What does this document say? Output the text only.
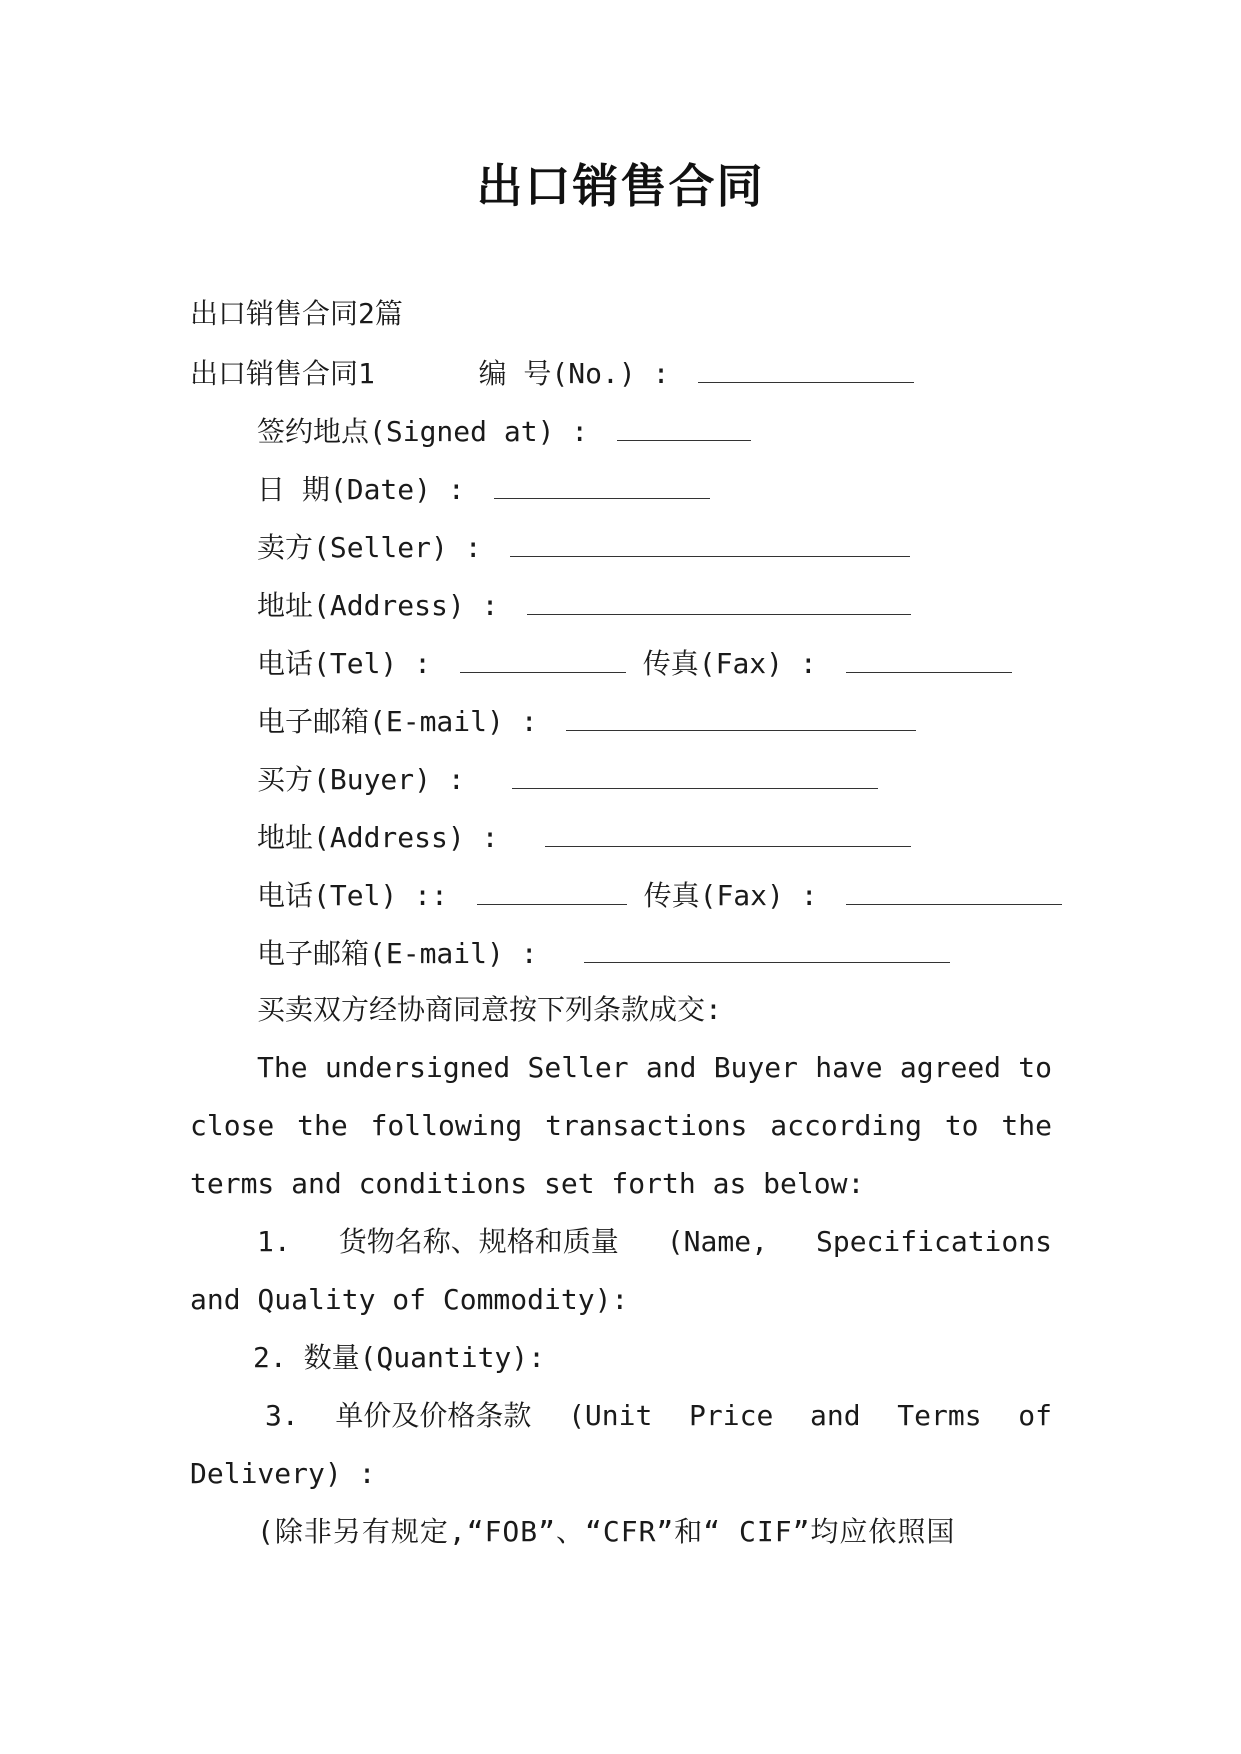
出口销售合同
出口销售合同2篇
出口销售合同1	编 号(No.) :
签约地点(Signed at) :
日 期(Date) :
卖方(Seller) :
地址(Address) :
电话(Tel) :	传真(Fax) :
电子邮箱(E-mail) :
买方(Buyer) :
地址(Address) :
电话(Tel) ::	传真(Fax) :
电子邮箱(E-mail) :
买卖双方经协商同意按下列条款成交:
The undersigned Seller and Buyer have agreed to
close the following transactions according to the
terms and conditions set forth as below:
1. 货物名称、规格和质量 (Name, Specifications
and Quality of Commodity):
2. 数量(Quantity):
3. 单价及价格条款 (Unit Price and Terms of
Delivery) :
(除非另有规定,“FOB”、“CFR”和“ CIF”均应依照国
